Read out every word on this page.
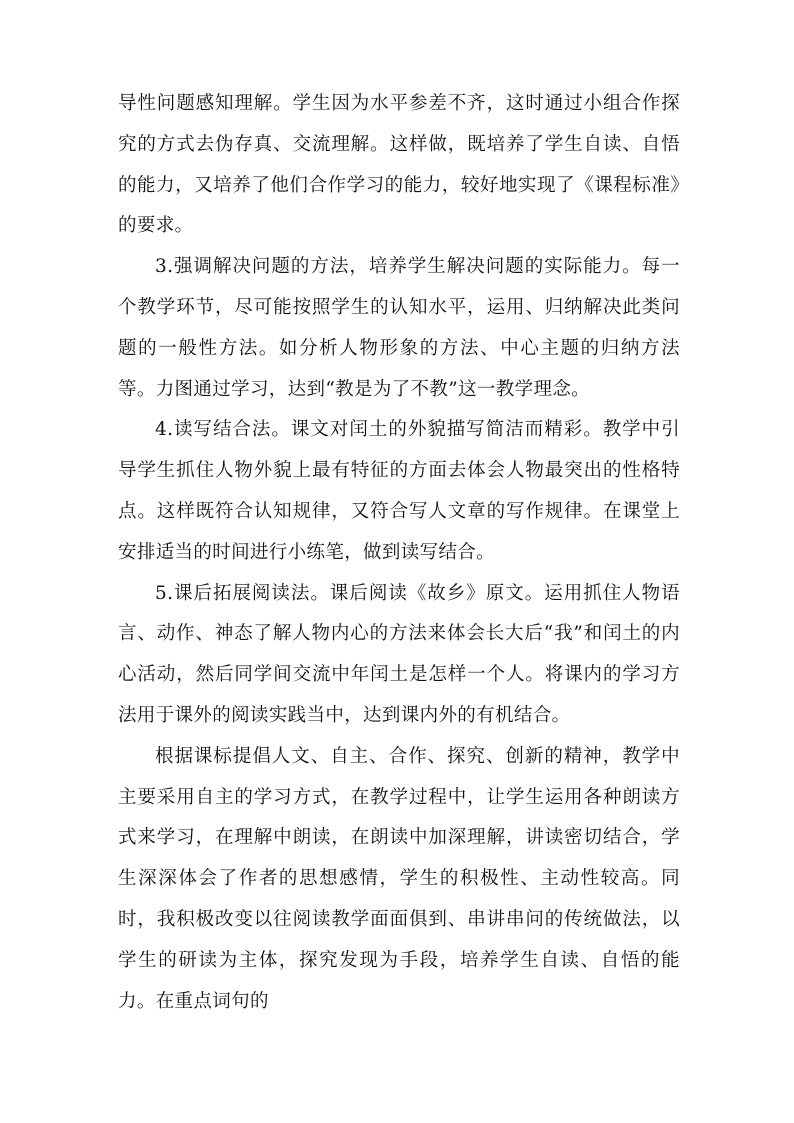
导性问题感知理解。学生因为水平参差不齐，这时通过小组合作探究的方式去伪存真、交流理解。这样做，既培养了学生自读、自悟的能力，又培养了他们合作学习的能力，较好地实现了《课程标准》的要求。

3.强调解决问题的方法，培养学生解决问题的实际能力。每一个教学环节，尽可能按照学生的认知水平，运用、归纳解决此类问题的一般性方法。如分析人物形象的方法、中心主题的归纳方法等。力图通过学习，达到“教是为了不教”这一教学理念。

4.读写结合法。课文对闰土的外貌描写简洁而精彩。教学中引导学生抓住人物外貌上最有特征的方面去体会人物最突出的性格特点。这样既符合认知规律，又符合写人文章的写作规律。在课堂上安排适当的时间进行小练笔，做到读写结合。

5.课后拓展阅读法。课后阅读《故乡》原文。运用抓住人物语言、动作、神态了解人物内心的方法来体会长大后“我”和闰土的内心活动，然后同学间交流中年闰土是怎样一个人。将课内的学习方法用于课外的阅读实践当中，达到课内外的有机结合。

根据课标提倡人文、自主、合作、探究、创新的精神，教学中主要采用自主的学习方式，在教学过程中，让学生运用各种朗读方式来学习，在理解中朗读，在朗读中加深理解，讲读密切结合，学生深深体会了作者的思想感情，学生的积极性、主动性较高。同时，我积极改变以往阅读教学面面俱到、串讲串问的传统做法，以学生的研读为主体，探究发现为手段，培养学生自读、自悟的能力。在重点词句的
